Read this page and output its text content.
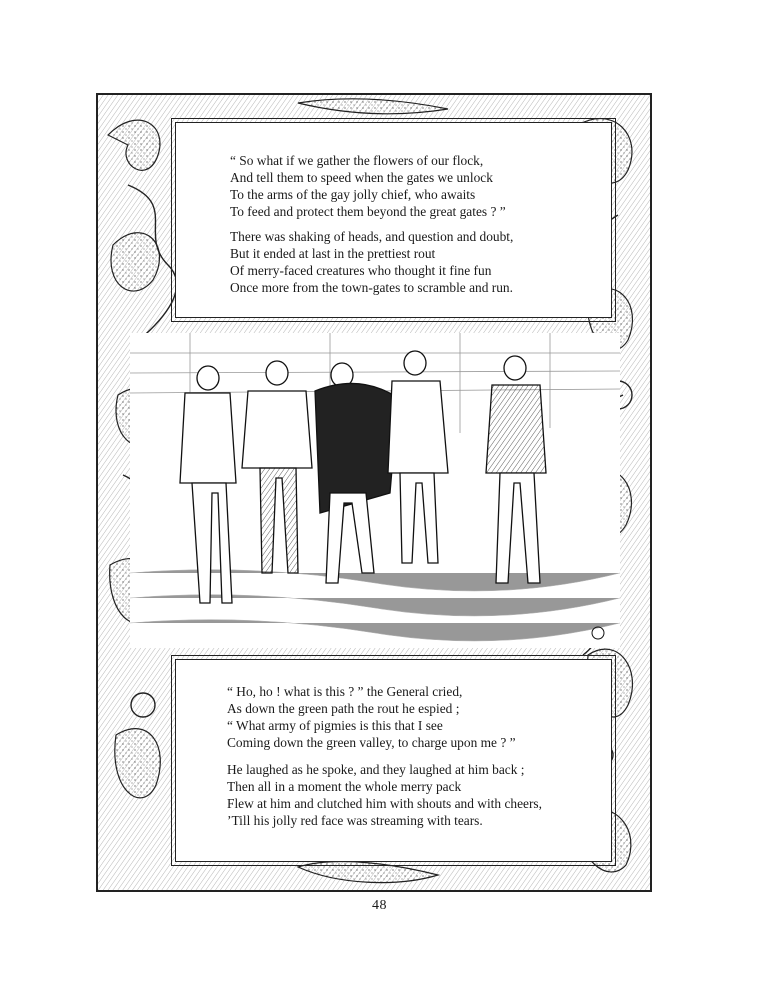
“ So what if we gather the flowers of our flock,
And tell them to speed when the gates we unlock
To the arms of the gay jolly chief, who awaits
To feed and protect them beyond the great gates ? ”
There was shaking of heads, and question and doubt,
But it ended at last in the prettiest rout
Of merry-faced creatures who thought it fine fun
Once more from the town-gates to scramble and run.
“ Ho, ho ! what is this ? ” the General cried,
As down the green path the rout he espied ;
“ What army of pigmies is this that I see
Coming down the green valley, to charge upon me ? ”
He laughed as he spoke, and they laughed at him back ;
Then all in a moment the whole merry pack
Flew at him and clutched him with shouts and with cheers,
’Till his jolly red face was streaming with tears.
48
